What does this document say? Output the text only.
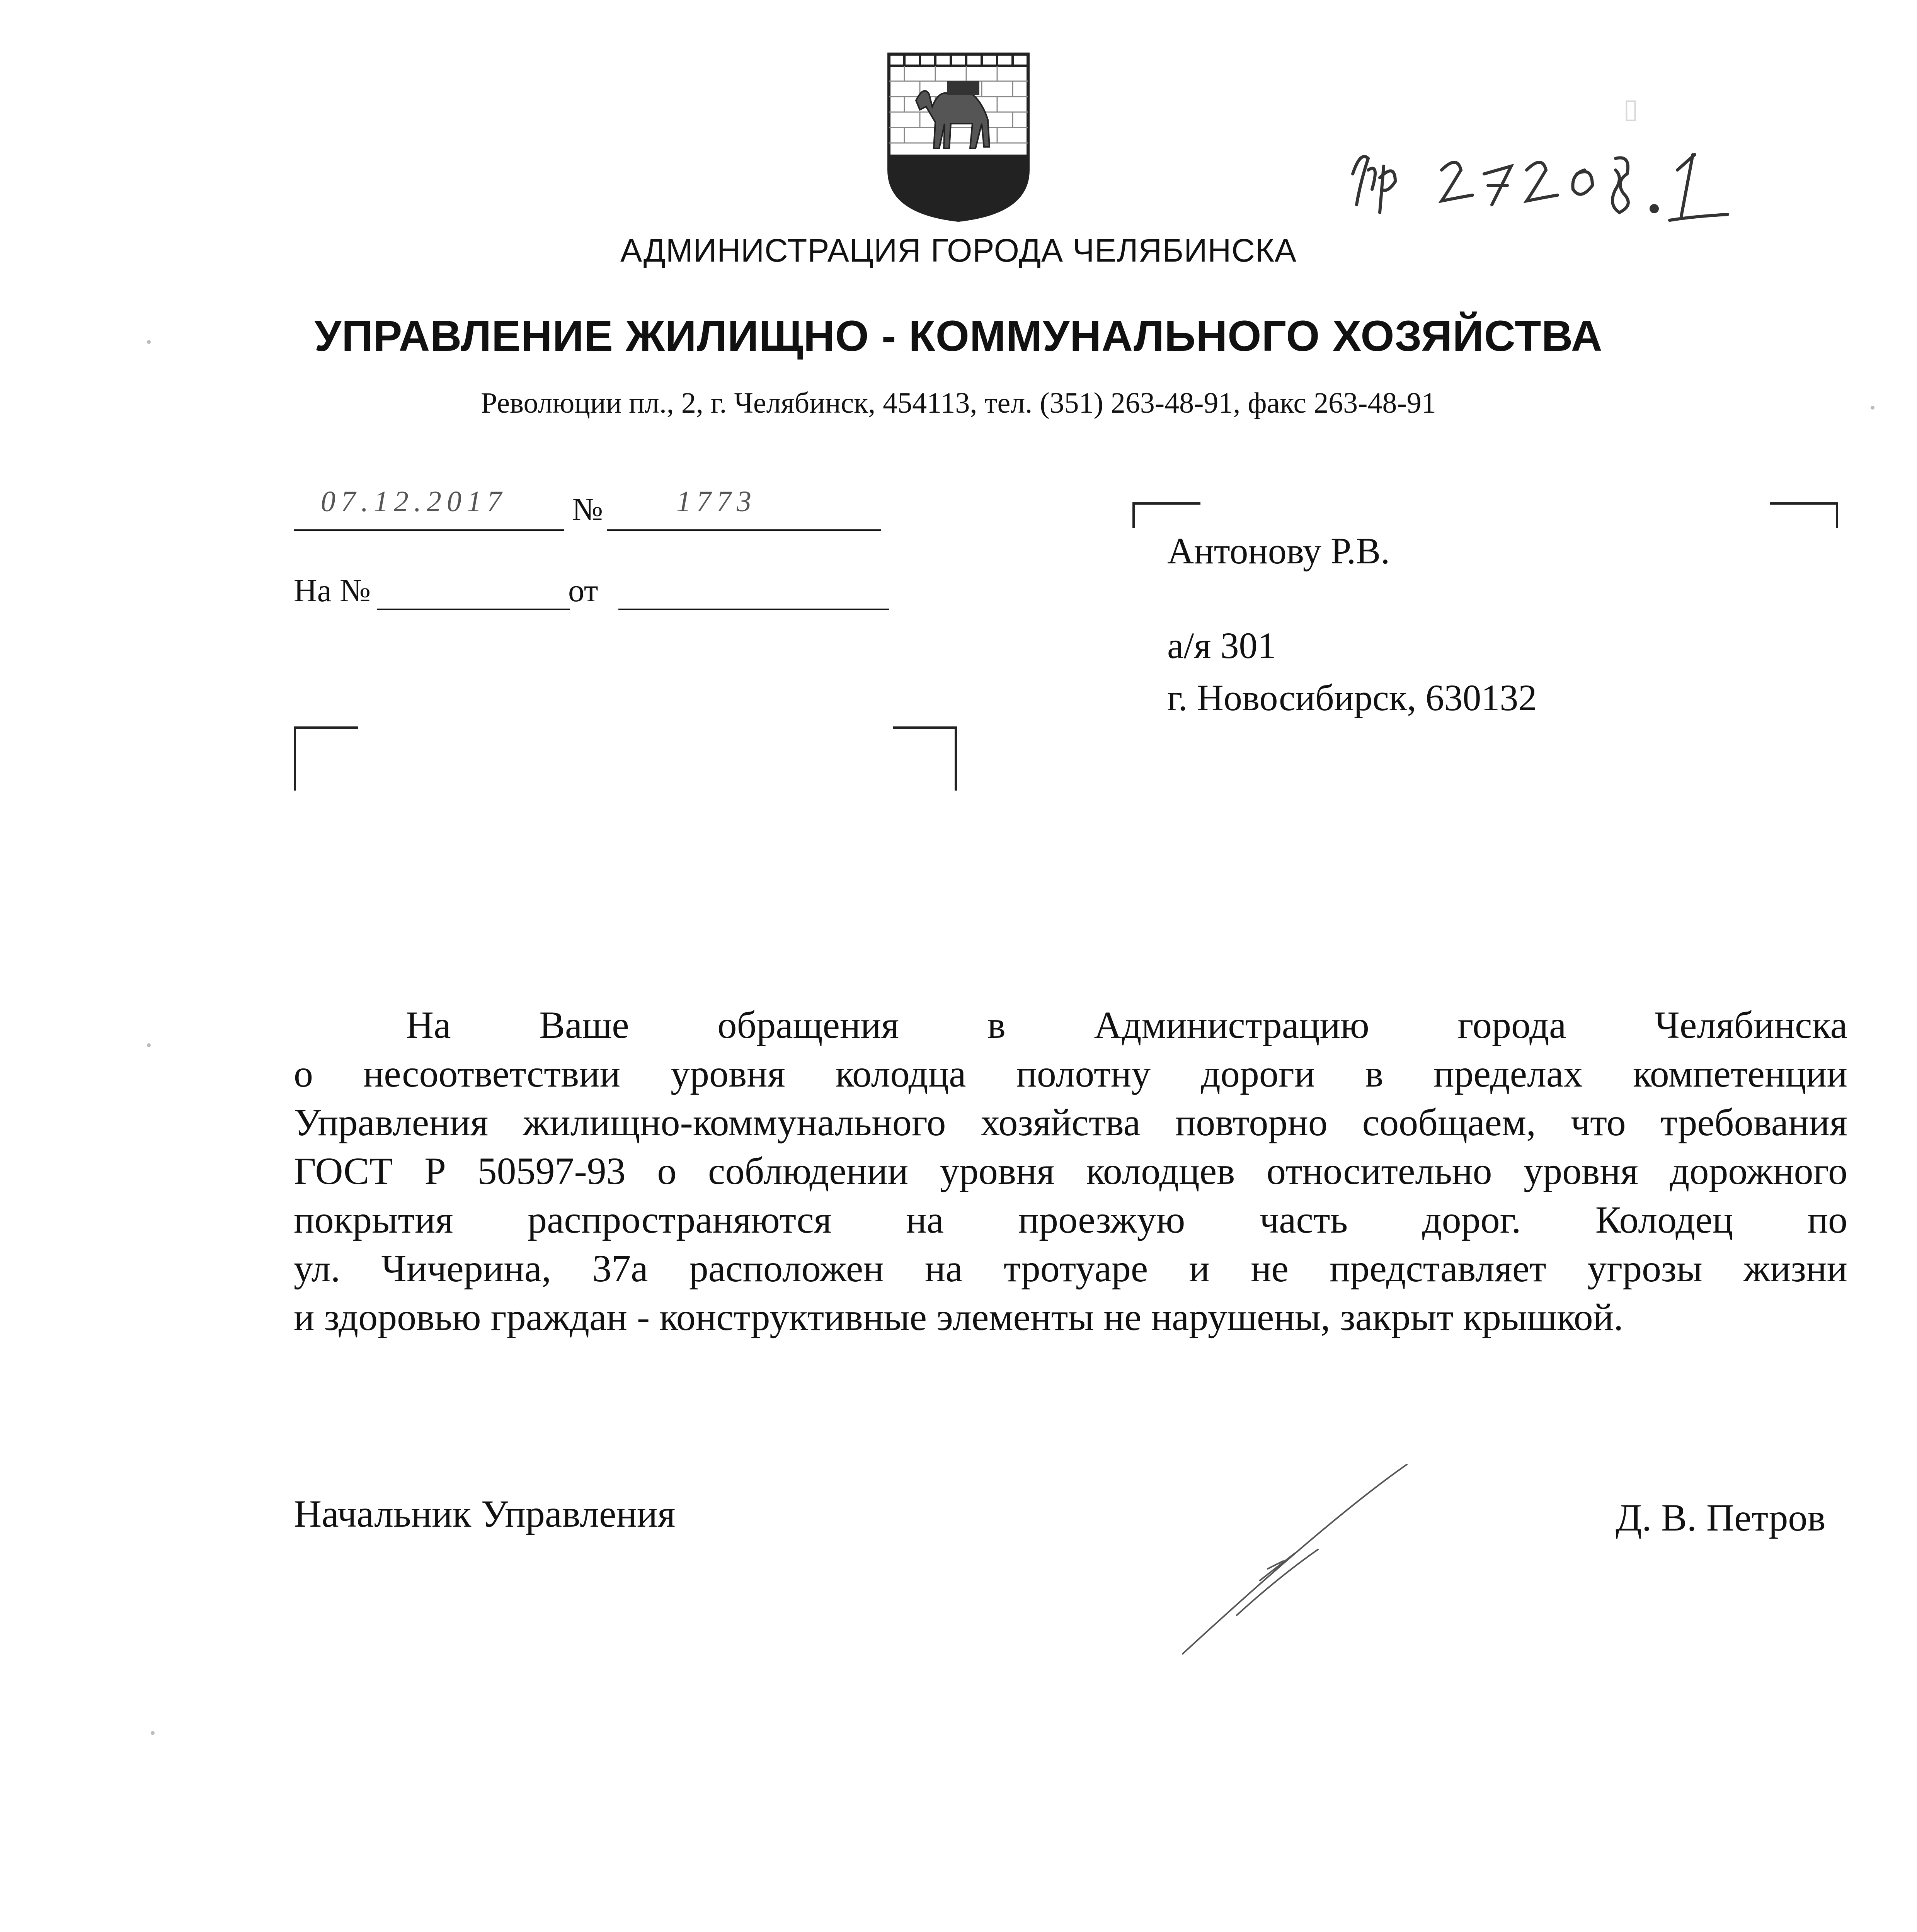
АДМИНИСТРАЦИЯ ГОРОДА ЧЕЛЯБИНСКА
УПРАВЛЕНИЕ ЖИЛИЩНО - КОММУНАЛЬНОГО ХОЗЯЙСТВА
Революции пл., 2, г. Челябинск, 454113, тел. (351) 263-48-91, факс 263-48-91
▯
07.12.2017 № 1773
На №	от
Антонову Р.В.
а/я 301
г. Новосибирск, 630132
На Ваше обращения в Администрацию города Челябинска
о несоответствии уровня колодца полотну дороги в пределах компетенции
Управления жилищно-коммунального хозяйства повторно сообщаем, что требования
ГОСТ Р 50597-93 о соблюдении уровня колодцев относительно уровня дорожного
покрытия распространяются на проезжую часть дорог. Колодец по
ул. Чичерина, 37а расположен на тротуаре и не представляет угрозы жизни
и здоровью граждан - конструктивные элементы не нарушены, закрыт крышкой.
Начальник Управления	Д. В. Петров
